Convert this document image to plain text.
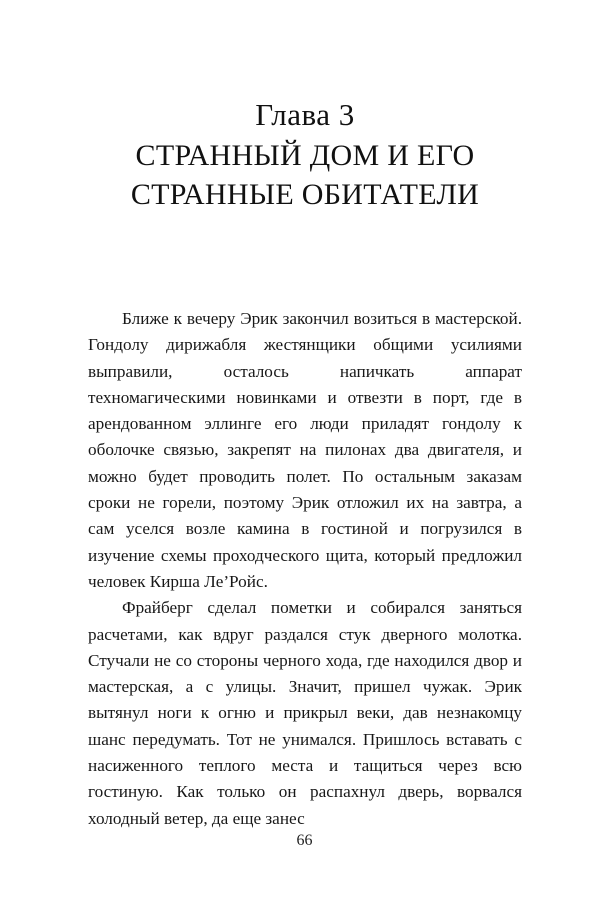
Глава 3
СТРАННЫЙ ДОМ И ЕГО
СТРАННЫЕ ОБИТАТЕЛИ

Ближе к вечеру Эрик закончил возиться в мастерской. Гондолу дирижабля жестянщики общими усилиями выправили, осталось напичкать аппарат техномагическими новинками и отвезти в порт, где в арендованном эллинге его люди приладят гондолу к оболочке связью, закрепят на пилонах два двигателя, и можно будет проводить полет. По остальным заказам сроки не горели, поэтому Эрик отложил их на завтра, а сам уселся возле камина в гостиной и погрузился в изучение схемы проходческого щита, который предложил человек Кирша Ле’Ройс.

Фрайберг сделал пометки и собирался заняться расчетами, как вдруг раздался стук дверного молотка. Стучали не со стороны черного хода, где находился двор и мастерская, а с улицы. Значит, пришел чужак. Эрик вытянул ноги к огню и прикрыл веки, дав незнакомцу шанс передумать. Тот не унимался. Пришлось вставать с насиженного теплого места и тащиться через всю гостиную. Как только он распахнул дверь, ворвался холодный ветер, да еще занес

66
